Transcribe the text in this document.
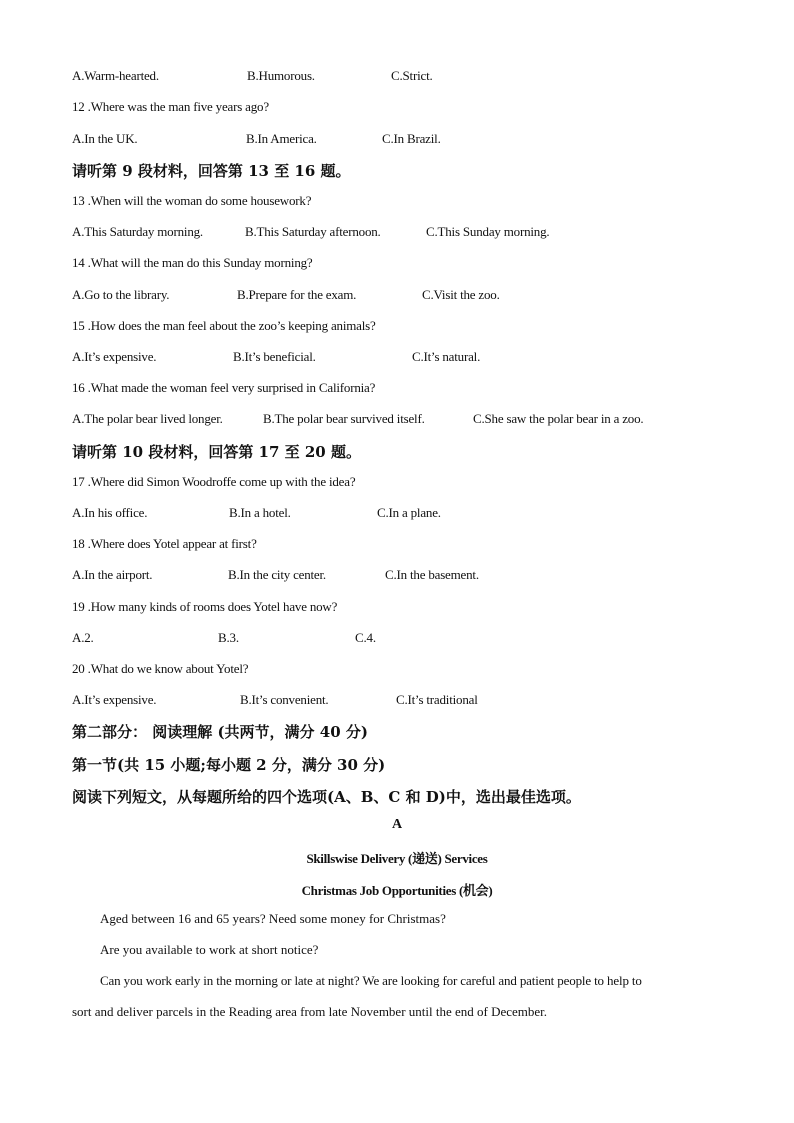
A.Warm-hearted.	B.Humorous.	C.Strict.
12 .Where was the man five years ago?
A.In the UK.	B.In America.	C.In Brazil.
请听第 9 段材料，回答第 13 至 16 题。
13 .When will the woman do some housework?
A.This Saturday morning.	B.This Saturday afternoon.	C.This Sunday morning.
14 .What will the man do this Sunday morning?
A.Go to the library.	B.Prepare for the exam.	C.Visit the zoo.
15 .How does the man feel about the zoo’s keeping animals?
A.It’s expensive.	B.It’s beneficial.	C.It’s natural.
16 .What made the woman feel very surprised in California?
A.The polar bear lived longer.	B.The polar bear survived itself.	C.She saw the polar bear in a zoo.
请听第 10 段材料，回答第 17 至 20 题。
17 .Where did Simon Woodroffe come up with the idea?
A.In his office.	B.In a hotel.	C.In a plane.
18 .Where does Yotel appear at first?
A.In the airport.	B.In the city center.	C.In the basement.
19 .How many kinds of rooms does Yotel have now?
A.2.	B.3.	C.4.
20 .What do we know about Yotel?
A.It’s expensive.	B.It’s convenient.	C.It’s traditional
第二部分： 阅读理解 (共两节，满分 40 分)
第一节(共 15 小题;每小题 2 分，满分 30 分)
阅读下列短文，从每题所给的四个选项(A、B、C 和 D)中，选出最佳选项。
A
Skillswise Delivery (递送) Services
Christmas Job Opportunities (机会)
Aged between 16 and 65 years? Need some money for Christmas?
Are you available to work at short notice?
Can you work early in the morning or late at night? We are looking for careful and patient people to help to
sort and deliver parcels in the Reading area from late November until the end of December.
